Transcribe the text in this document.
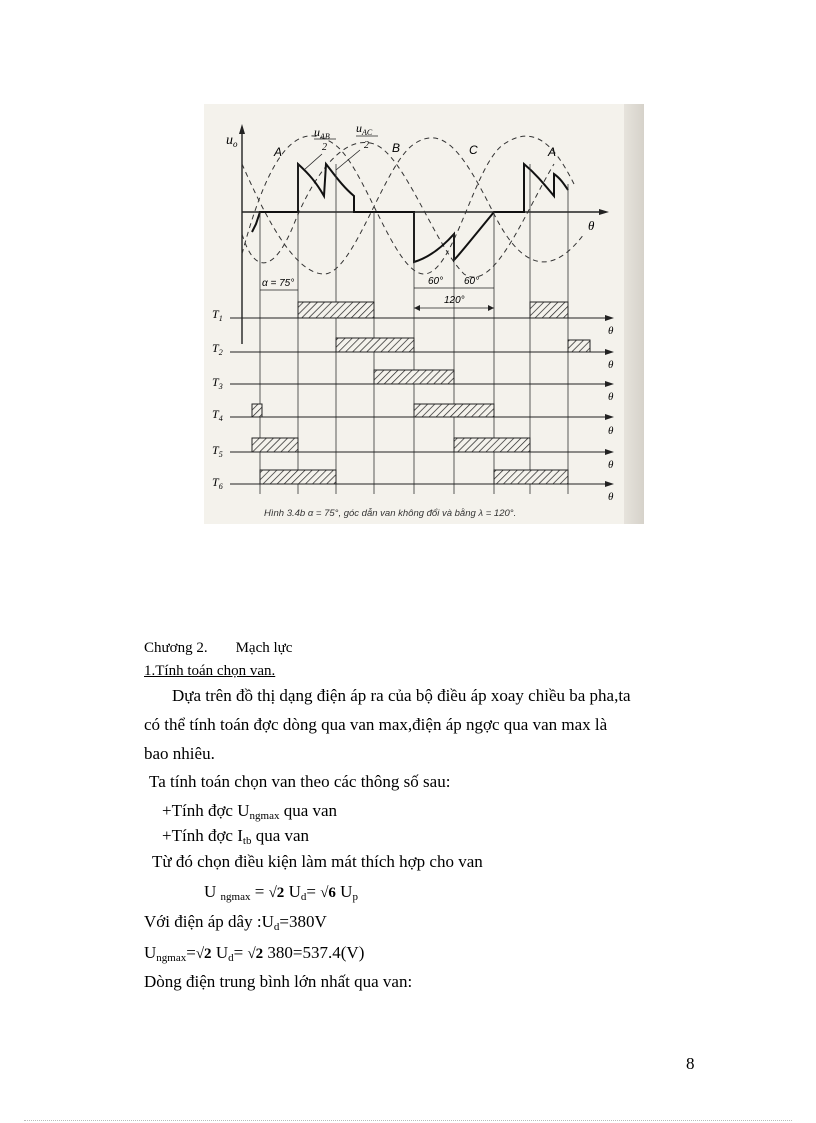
$u_o$
θ
A	B	C	A
$u_{AB}$
2
$u_{AC}$
2
α = 75°	60° 60°
120°
$T_1$
θ
$T_2$
θ
$T_3$
θ
$T_4$
θ
$T_5$
θ
$T_6$
θ
Hình 3.4b α = 75°, góc dẫn van không đổi và bằng λ = 120°.
Chương 2. Mạch lực
1.Tính toán chọn van.
Dựa trên đồ thị dạng điện áp ra của bộ điều áp xoay chiều ba pha,ta
có thể tính toán đợc dòng qua van max,điện áp ngợc qua van max là
bao nhiêu.
Ta tính toán chọn van theo các thông số sau:
+Tính đợc $U_{ngmax}$ qua van
+Tính đợc $I_{tb}$ qua van
Từ đó chọn điều kiện làm mát thích hợp cho van
U $_{ngmax}$ = √2 $U_d= √6$ $U_p$
Với điện áp dây $:U_d=380V$
$U_{ngmax}=√2$ $U_d= √2$ 380=537.4(V)
Dòng điện trung bình lớn nhất qua van:
8
